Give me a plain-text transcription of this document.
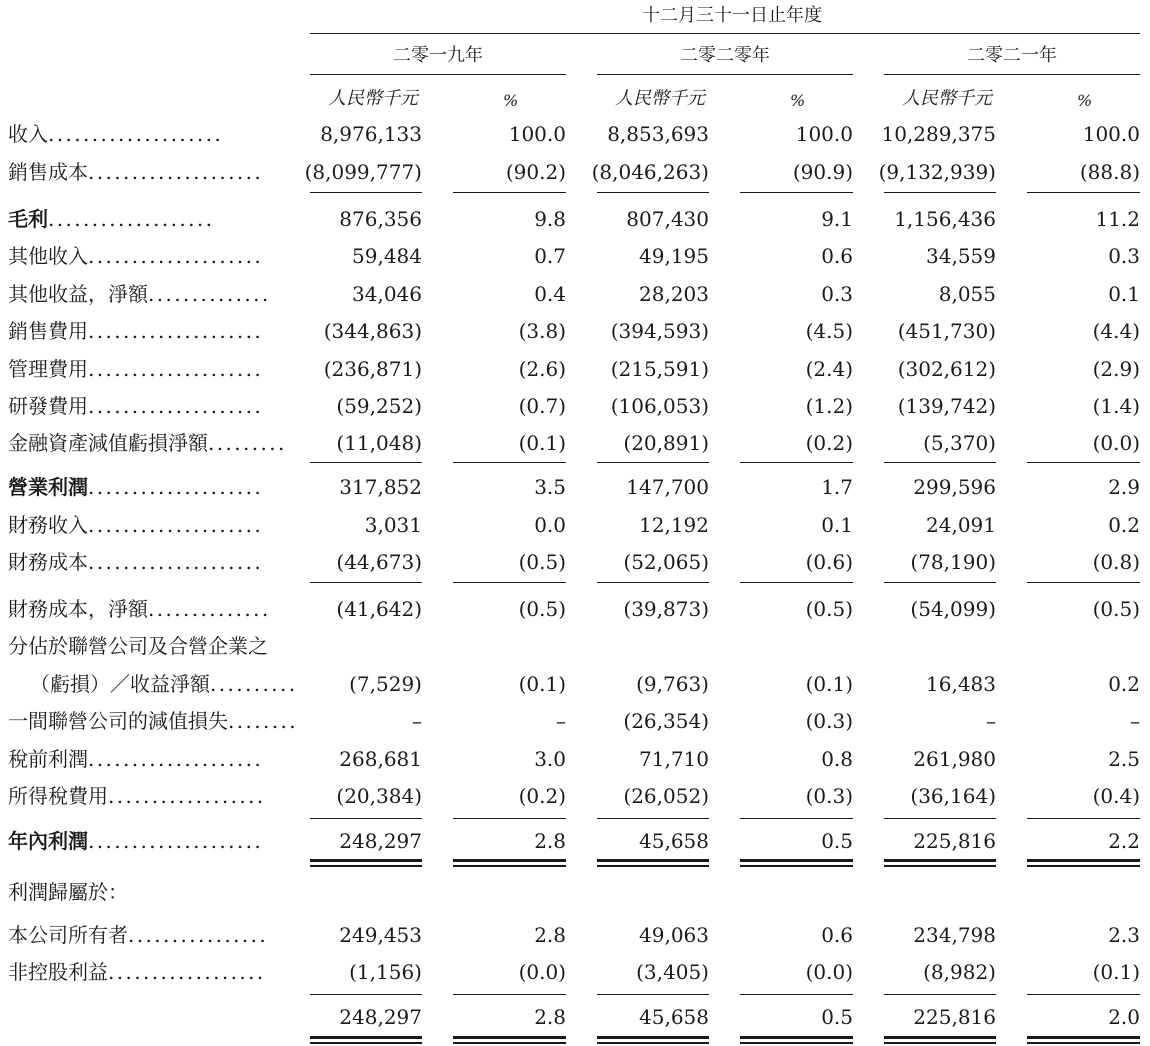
十二月三十一日止年度
二零一九年	二零二零年	二零二一年
人民幣千元	%	人民幣千元	%	人民幣千元	%
收入....................	8,976,133	100.0	8,853,693	100.0 10,289,375	100.0
銷售成本.................... (8,099,777)	(90.2) (8,046,263)	(90.9) (9,132,939)	(88.8)
毛利...................	876,356	9.8	807,430	9.1	1,156,436	11.2
其他收入....................	59,484	0.7	49,195	0.6	34,559	0.3
其他收益，淨額..............	34,046	0.4	28,203	0.3	8,055	0.1
銷售費用....................	(344,863)	(3.8)	(394,593)	(4.5)	(451,730)	(4.4)
管理費用....................	(236,871)	(2.6)	(215,591)	(2.4)	(302,612)	(2.9)
研發費用....................	(59,252)	(0.7)	(106,053)	(1.2)	(139,742)	(1.4)
金融資產減值虧損淨額.........	(11,048)	(0.1)	(20,891)	(0.2)	(5,370)	(0.0)
營業利潤....................	317,852	3.5	147,700	1.7	299,596	2.9
財務收入....................	3,031	0.0	12,192	0.1	24,091	0.2
財務成本....................	(44,673)	(0.5)	(52,065)	(0.6)	(78,190)	(0.8)
財務成本，淨額..............	(41,642)	(0.5)	(39,873)	(0.5)	(54,099)	(0.5)
分佔於聯營公司及合營企業之
（虧損）／收益淨額..........	(7,529)	(0.1)	(9,763)	(0.1)	16,483	0.2
一間聯營公司的減值損失........	–	–	(26,354)	(0.3)	–	–
稅前利潤....................	268,681	3.0	71,710	0.8	261,980	2.5
所得稅費用..................	(20,384)	(0.2)	(26,052)	(0.3)	(36,164)	(0.4)
年內利潤....................	248,297	2.8	45,658	0.5	225,816	2.2
利潤歸屬於：
本公司所有者................	249,453	2.8	49,063	0.6	234,798	2.3
非控股利益..................	(1,156)	(0.0)	(3,405)	(0.0)	(8,982)	(0.1)
248,297	2.8	45,658	0.5	225,816	2.0
